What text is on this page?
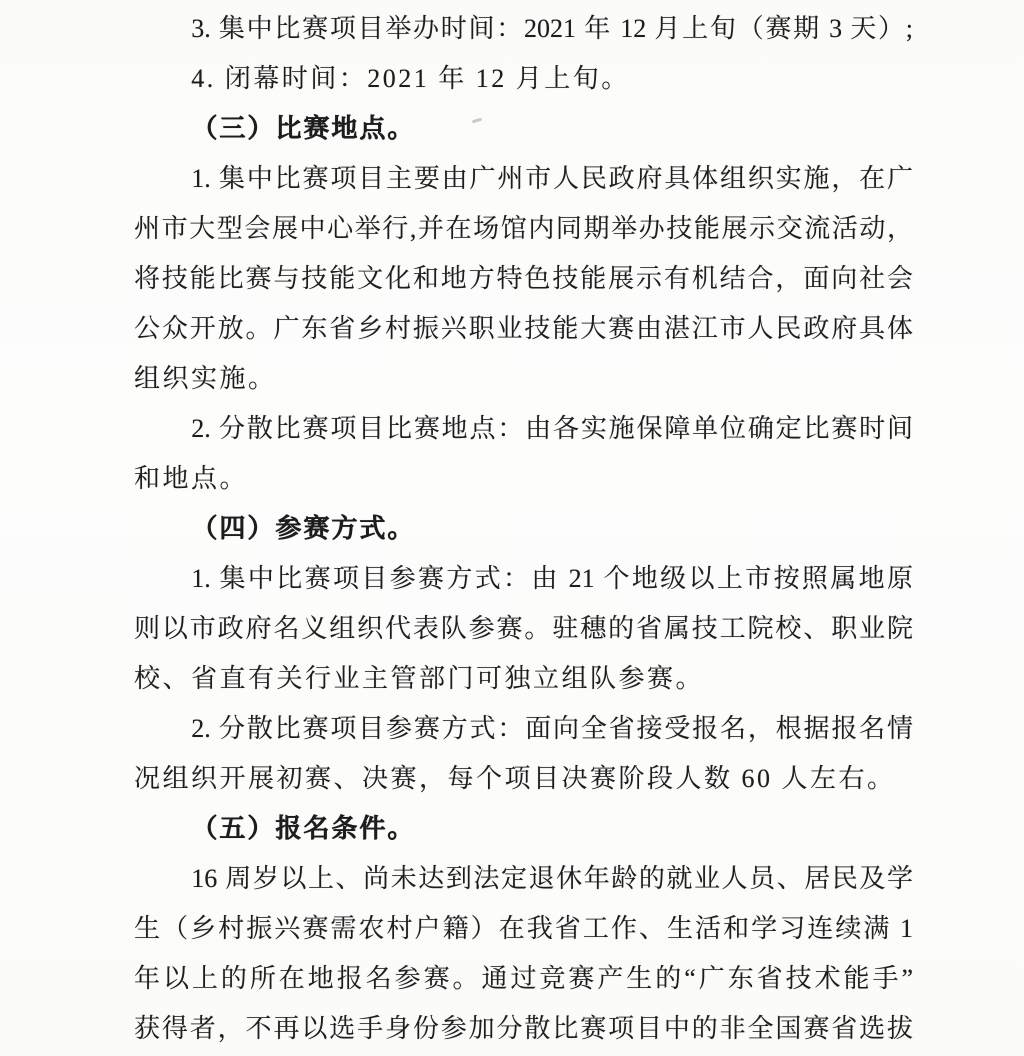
3. 集中比赛项目举办时间：2021 年 12 月上旬（赛期 3 天）;
4. 闭幕时间：2021 年 12 月上旬。
（三）比赛地点。
1. 集中比赛项目主要由广州市人民政府具体组织实施，在广
州市大型会展中心举行,并在场馆内同期举办技能展示交流活动，
将技能比赛与技能文化和地方特色技能展示有机结合，面向社会
公众开放。广东省乡村振兴职业技能大赛由湛江市人民政府具体
组织实施。
2. 分散比赛项目比赛地点：由各实施保障单位确定比赛时间
和地点。
（四）参赛方式。
1. 集中比赛项目参赛方式：由 21 个地级以上市按照属地原
则以市政府名义组织代表队参赛。驻穗的省属技工院校、职业院
校、省直有关行业主管部门可独立组队参赛。
2. 分散比赛项目参赛方式：面向全省接受报名，根据报名情
况组织开展初赛、决赛，每个项目决赛阶段人数 60 人左右。
（五）报名条件。
16 周岁以上、尚未达到法定退休年龄的就业人员、居民及学
生（乡村振兴赛需农村户籍）在我省工作、生活和学习连续满 1
年以上的所在地报名参赛。通过竞赛产生的“广东省技术能手”
获得者，不再以选手身份参加分散比赛项目中的非全国赛省选拔
